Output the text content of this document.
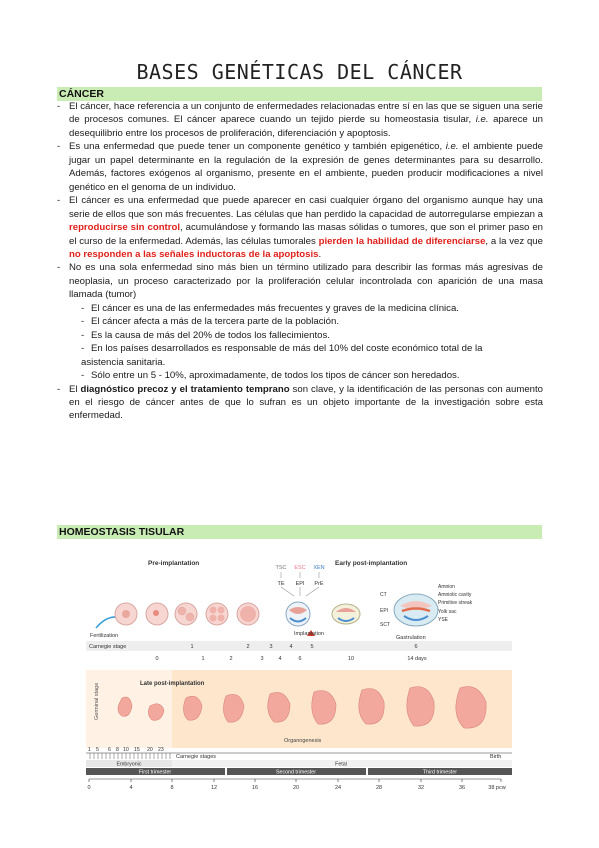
BASES GENÉTICAS DEL CÁNCER
CÁNCER
- El cáncer, hace referencia a un conjunto de enfermedades relacionadas entre sí en las que se siguen una serie de procesos comunes. El cáncer aparece cuando un tejido pierde su homeostasia tisular, i.e. aparece un desequilibrio entre los procesos de proliferación, diferenciación y apoptosis.
- Es una enfermedad que puede tener un componente genético y también epigenético, i.e. el ambiente puede jugar un papel determinante en la regulación de la expresión de genes determinantes para su desarrollo. Además, factores exógenos al organismo, presente en el ambiente, pueden producir modificaciones a nivel genético en el genoma de un individuo.
- El cáncer es una enfermedad que puede aparecer en casi cualquier órgano del organismo aunque hay una serie de ellos que son más frecuentes. Las células que han perdido la capacidad de autorregularse empiezan a reproducirse sin control, acumulándose y formando las masas sólidas o tumores, que son el primer paso en el curso de la enfermedad. Además, las células tumorales pierden la habilidad de diferenciarse, a la vez que no responden a las señales inductoras de la apoptosis.
- No es una sola enfermedad sino más bien un término utilizado para describir las formas más agresivas de neoplasia, un proceso caracterizado por la proliferación celular incontrolada con aparición de una masa llamada (tumor)
- El cáncer es una de las enfermedades más frecuentes y graves de la medicina clínica.
- El cáncer afecta a más de la tercera parte de la población.
- Es la causa de más del 20% de todos los fallecimientos.
- En los países desarrollados es responsable de más del 10% del coste económico total de la
asistencia sanitaria.
- Sólo entre un 5 - 10%, aproximadamente, de todos los tipos de cáncer son heredados.
- El diagnóstico precoz y el tratamiento temprano son clave, y la identificación de las personas con aumento en el riesgo de cáncer antes de que lo sufran es un objeto importante de la investigación sobre esta enfermedad.
HOMEOSTASIS TISULAR
Pre-implantation	Early post-implantation
TSC ESC XEN
TE EPI PrE
CT
EPI
SCT
Amnion
Amniotic cavity
Primitive streak
Yolk sac
YSE
Fertilization	Implantation
Gastrulation
Carnegie stage	1	2	3	4	5	6
0	1	2	3	4	6	10	14 days
Germinal stage	Late post-implantation
Organogenesis
1 5 6 8 10 15 20 23
Carnegie stages	Birth
Embryonic	Fetal
First trimester	Second trimester	Third trimester
0	4	8	12	16	20	24	28	32	36	38 pcw
